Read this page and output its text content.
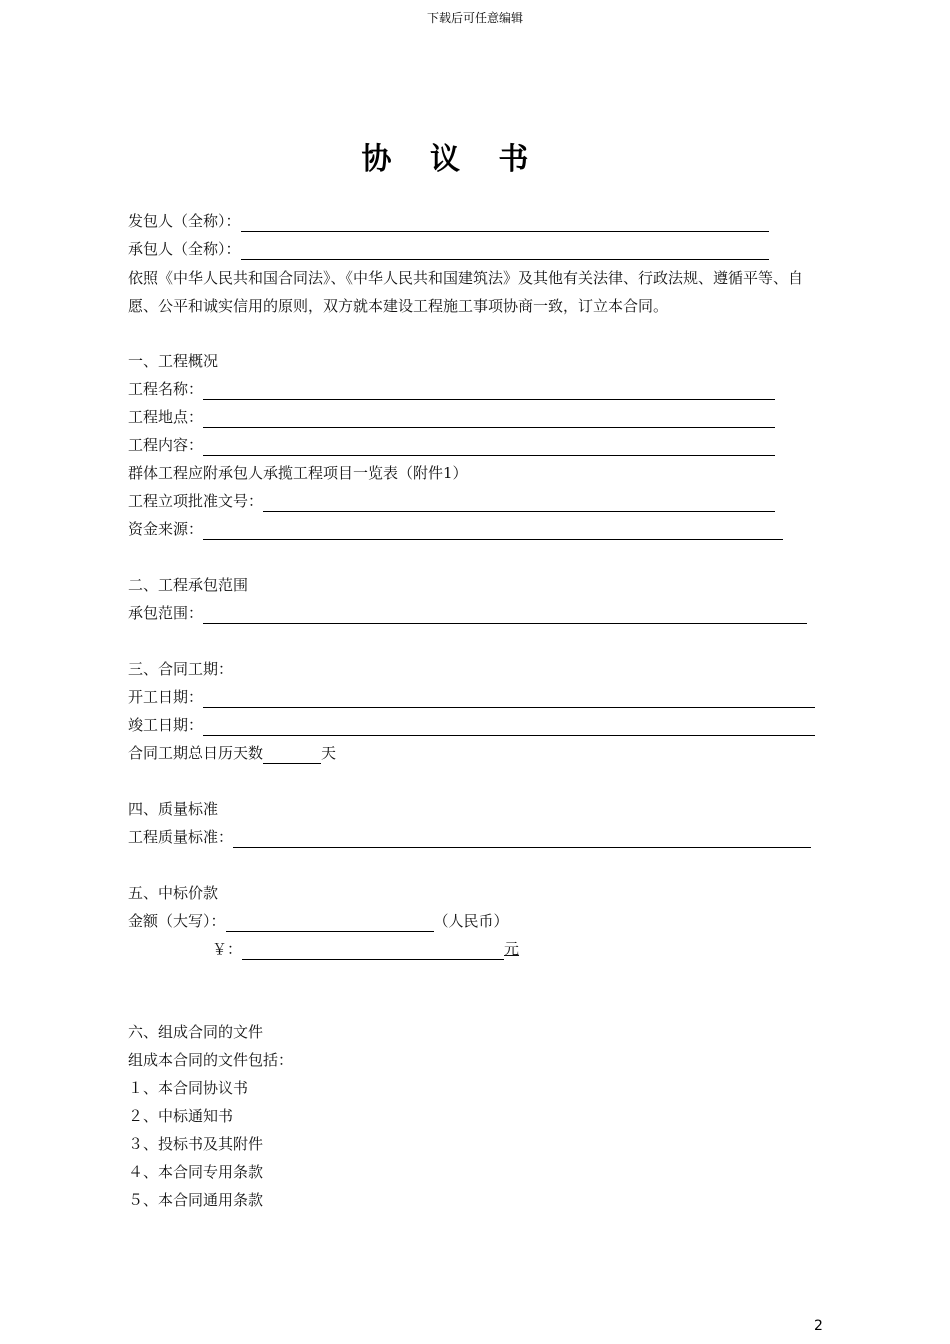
下载后可任意编辑
协 议 书
发包人（全称）：
承包人（全称）：
依照《中华人民共和国合同法》、《中华人民共和国建筑法》及其他有关法律、行政法规、遵循平等、自愿、公平和诚实信用的原则，双方就本建设工程施工事项协商一致，订立本合同。
一、工程概况
工程名称：
工程地点：
工程内容：
群体工程应附承包人承揽工程项目一览表（附件1）
工程立项批准文号：
资金来源：
二、工程承包范围
承包范围：
三、合同工期：
开工日期：
竣工日期：
合同工期总日历天数	天
四、质量标准
工程质量标准：
五、中标价款
金额（大写）：	（人民币）
￥：	元
六、组成合同的文件
组成本合同的文件包括：
１、本合同协议书
２、中标通知书
３、投标书及其附件
４、本合同专用条款
５、本合同通用条款
2
